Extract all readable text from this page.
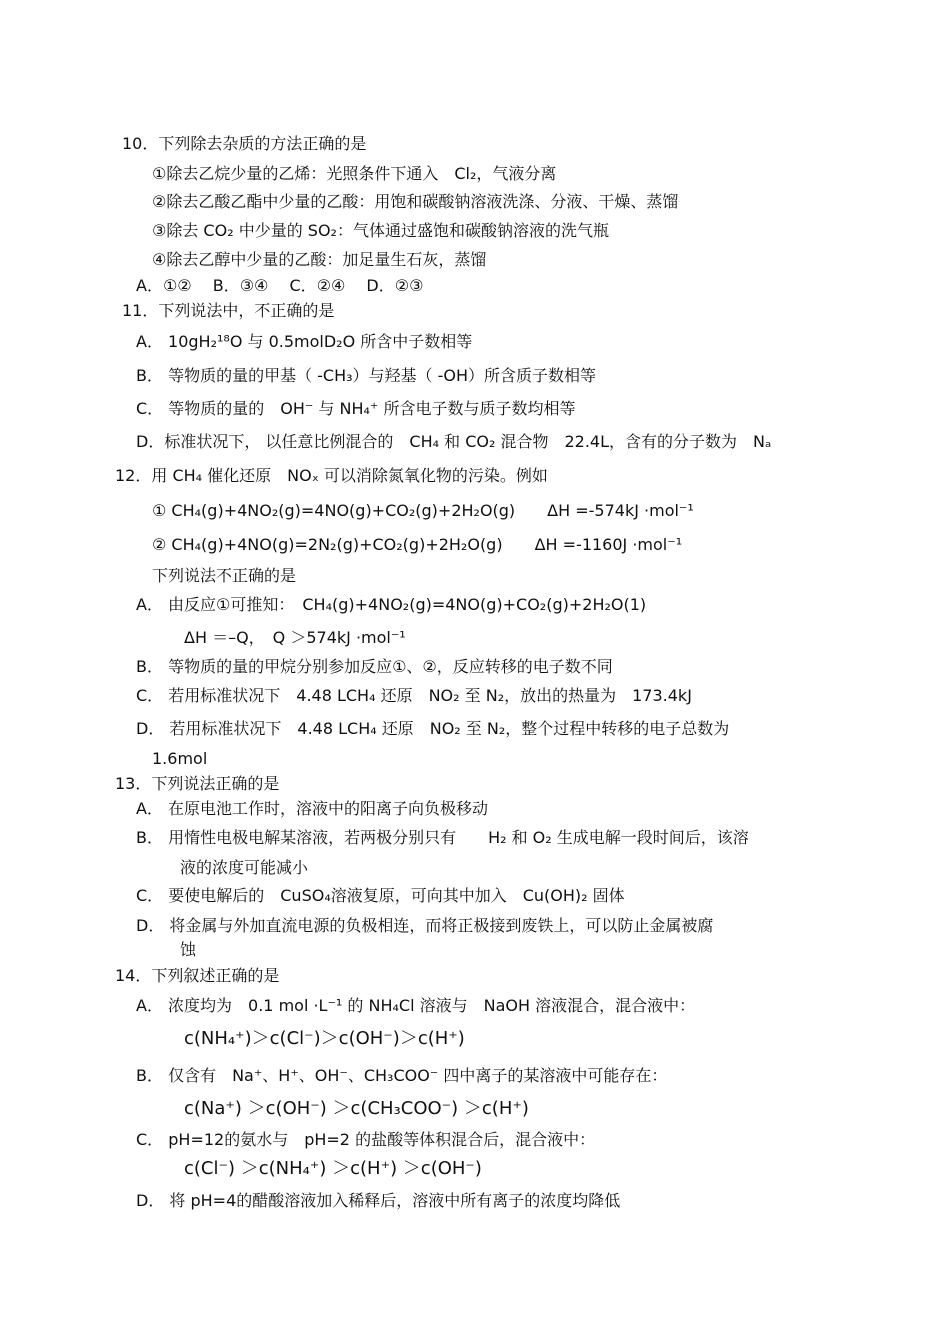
10．下列除去杂质的方法正确的是
①除去乙烷少量的乙烯：光照条件下通入　Cl₂，气液分离
②除去乙酸乙酯中少量的乙酸：用饱和碳酸钠溶液洗涤、分液、干燥、蒸馏
③除去 CO₂ 中少量的 SO₂：气体通过盛饱和碳酸钠溶液的洗气瓶
④除去乙醇中少量的乙酸：加足量生石灰，蒸馏
A．①②　 B．③④　 C．②④　 D．②③
11．下列说法中，不正确的是
A． 10gH₂¹⁸O 与 0.5molD₂O 所含中子数相等
B． 等物质的量的甲基（ -CH₃）与羟基（ -OH）所含质子数相等
C． 等物质的量的　OH⁻ 与 NH₄⁺ 所含电子数与质子数均相等
D．标准状况下， 以任意比例混合的　CH₄ 和 CO₂ 混合物　22.4L，含有的分子数为　Nₐ
12．用 CH₄ 催化还原　NOₓ 可以消除氮氧化物的污染。例如
① CH₄(g)+4NO₂(g)=4NO(g)+CO₂(g)+2H₂O(g)　　ΔH =-574kJ ·mol⁻¹
② CH₄(g)+4NO(g)=2N₂(g)+CO₂(g)+2H₂O(g)　　ΔH =-1160J ·mol⁻¹
下列说法不正确的是
A． 由反应①可推知：　CH₄(g)+4NO₂(g)=4NO(g)+CO₂(g)+2H₂O(1)
ΔH ＝–Q，　Q ＞574kJ ·mol⁻¹
B． 等物质的量的甲烷分别参加反应①、②，反应转移的电子数不同
C． 若用标准状况下　4.48 LCH₄ 还原　NO₂ 至 N₂，放出的热量为　173.4kJ
D． 若用标准状况下　4.48 LCH₄ 还原　NO₂ 至 N₂，整个过程中转移的电子总数为
1.6mol
13．下列说法正确的是
A． 在原电池工作时，溶液中的阳离子向负极移动
B． 用惰性电极电解某溶液，若两极分别只有　　H₂ 和 O₂ 生成电解一段时间后，该溶
液的浓度可能减小
C． 要使电解后的　CuSO₄溶液复原，可向其中加入　Cu(OH)₂ 固体
D． 将金属与外加直流电源的负极相连，而将正极接到废铁上，可以防止金属被腐
蚀
14．下列叙述正确的是
A． 浓度均为　0.1 mol ·L⁻¹ 的 NH₄Cl 溶液与　NaOH 溶液混合，混合液中：
c(NH₄⁺)＞c(Cl⁻)＞c(OH⁻)＞c(H⁺)
B． 仅含有　Na⁺、H⁺、OH⁻、CH₃COO⁻ 四中离子的某溶液中可能存在：
c(Na⁺) ＞c(OH⁻) ＞c(CH₃COO⁻) ＞c(H⁺)
C． pH=12的氨水与　pH=2 的盐酸等体积混合后，混合液中：
c(Cl⁻) ＞c(NH₄⁺) ＞c(H⁺) ＞c(OH⁻)
D． 将 pH=4的醋酸溶液加入稀释后，溶液中所有离子的浓度均降低
